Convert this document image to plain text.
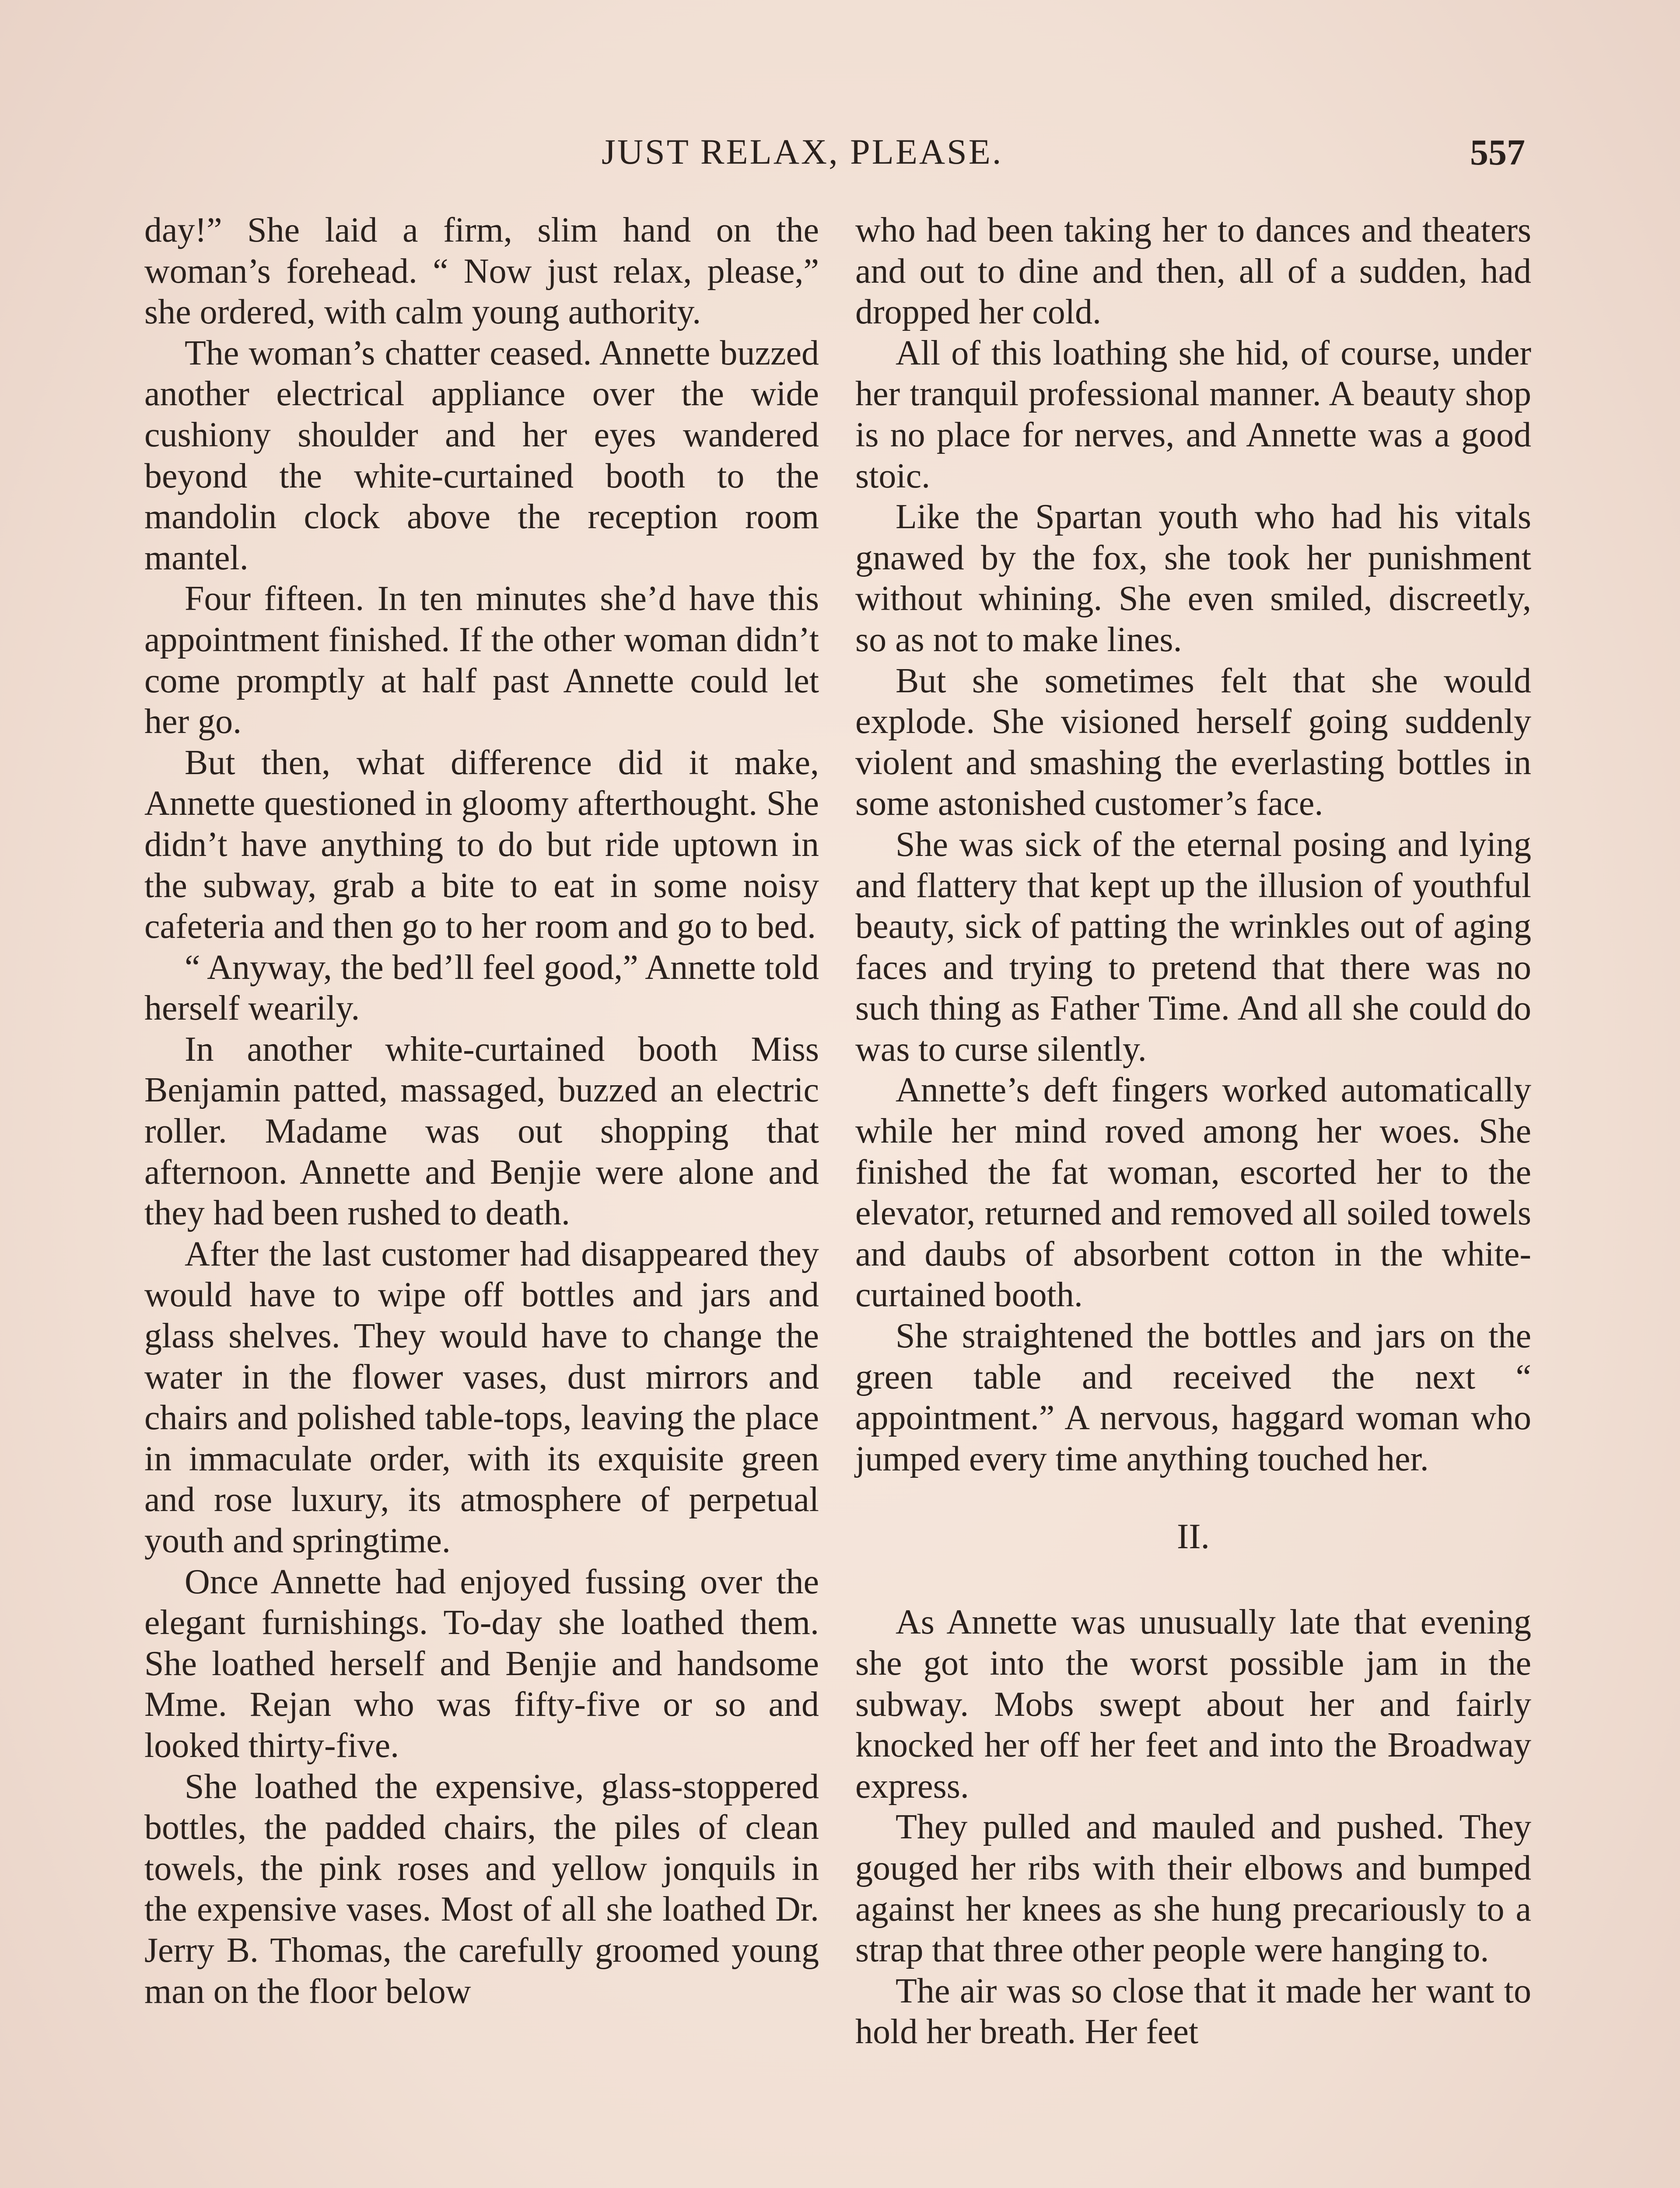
JUST RELAX, PLEASE.	557

day!” She laid a firm, slim hand on the woman’s forehead. “ Now just relax, please,” she ordered, with calm young authority.

The woman’s chatter ceased. Annette buzzed another electrical appliance over the wide cushiony shoulder and her eyes wandered beyond the white-curtained booth to the mandolin clock above the reception room mantel.

Four fifteen. In ten minutes she’d have this appointment finished. If the other woman didn’t come promptly at half past Annette could let her go.

But then, what difference did it make, Annette questioned in gloomy afterthought. She didn’t have anything to do but ride uptown in the subway, grab a bite to eat in some noisy cafeteria and then go to her room and go to bed.

“ Anyway, the bed’ll feel good,” Annette told herself wearily.

In another white-curtained booth Miss Benjamin patted, massaged, buzzed an electric roller. Madame was out shopping that afternoon. Annette and Benjie were alone and they had been rushed to death.

After the last customer had disappeared they would have to wipe off bottles and jars and glass shelves. They would have to change the water in the flower vases, dust mirrors and chairs and polished table-tops, leaving the place in immaculate order, with its exquisite green and rose luxury, its atmosphere of perpetual youth and springtime.

Once Annette had enjoyed fussing over the elegant furnishings. To-day she loathed them. She loathed herself and Benjie and handsome Mme. Rejan who was fifty-five or so and looked thirty-five.

She loathed the expensive, glass-stoppered bottles, the padded chairs, the piles of clean towels, the pink roses and yellow jonquils in the expensive vases. Most of all she loathed Dr. Jerry B. Thomas, the carefully groomed young man on the floor below

who had been taking her to dances and theaters and out to dine and then, all of a sudden, had dropped her cold.

All of this loathing she hid, of course, under her tranquil professional manner. A beauty shop is no place for nerves, and Annette was a good stoic.

Like the Spartan youth who had his vitals gnawed by the fox, she took her punishment without whining. She even smiled, discreetly, so as not to make lines.

But she sometimes felt that she would explode. She visioned herself going suddenly violent and smashing the everlasting bottles in some astonished customer’s face.

She was sick of the eternal posing and lying and flattery that kept up the illusion of youthful beauty, sick of patting the wrinkles out of aging faces and trying to pretend that there was no such thing as Father Time. And all she could do was to curse silently.

Annette’s deft fingers worked automatically while her mind roved among her woes. She finished the fat woman, escorted her to the elevator, returned and removed all soiled towels and daubs of absorbent cotton in the white-curtained booth.

She straightened the bottles and jars on the green table and received the next “ appointment.” A nervous, haggard woman who jumped every time anything touched her.

II.

As Annette was unusually late that evening she got into the worst possible jam in the subway. Mobs swept about her and fairly knocked her off her feet and into the Broadway express.

They pulled and mauled and pushed. They gouged her ribs with their elbows and bumped against her knees as she hung precariously to a strap that three other people were hanging to.

The air was so close that it made her want to hold her breath. Her feet
